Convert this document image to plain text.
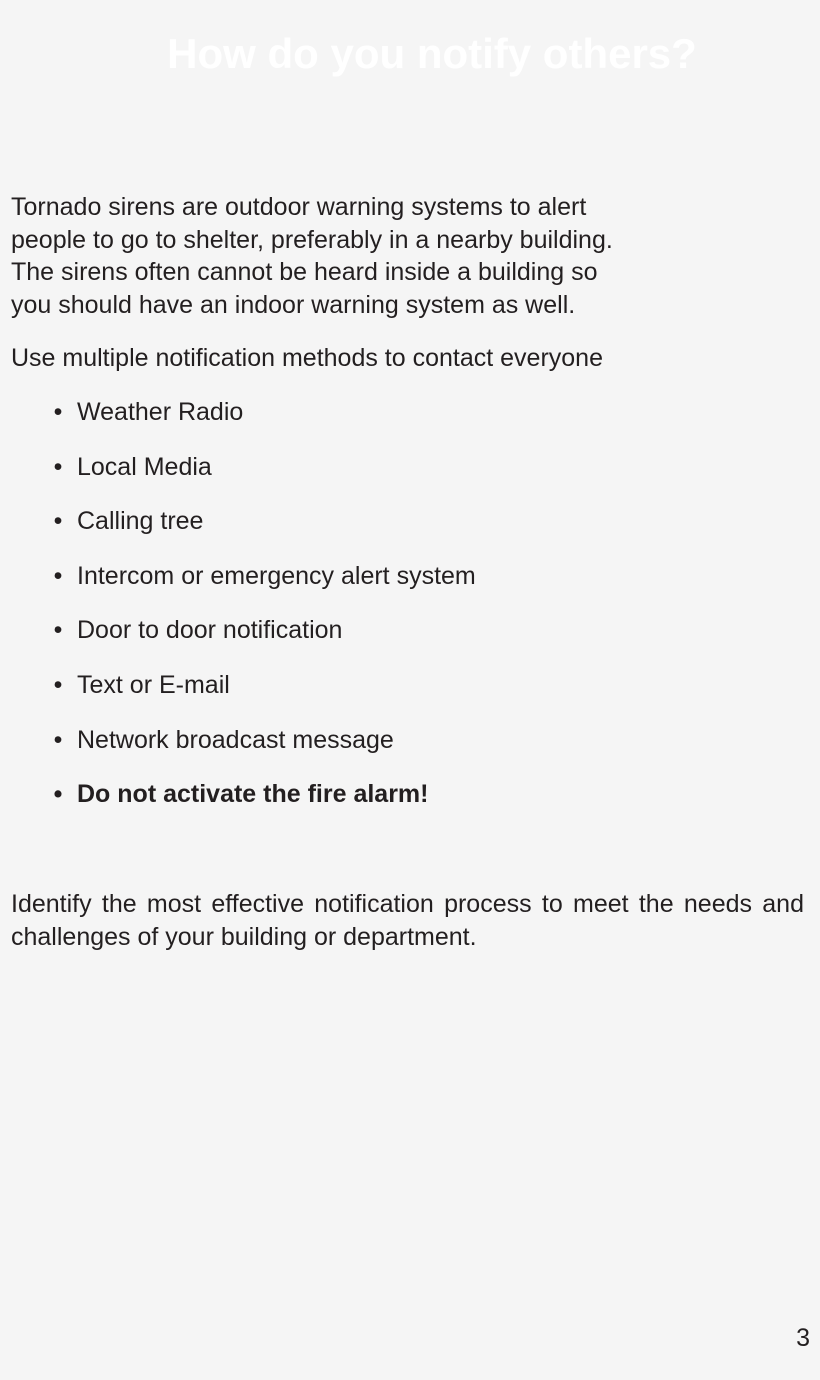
How do you notify others?

Tornado sirens are outdoor warning systems to alert
people to go to shelter, preferably in a nearby building.
The sirens often cannot be heard inside a building so
you should have an indoor warning system as well.

Use multiple notification methods to contact everyone

• Weather Radio
• Local Media
• Calling tree
• Intercom or emergency alert system
• Door to door notification
• Text or E-mail
• Network broadcast message
• Do not activate the fire alarm!

Identify the most effective notification process to meet the needs and challenges of your building or department.

3
